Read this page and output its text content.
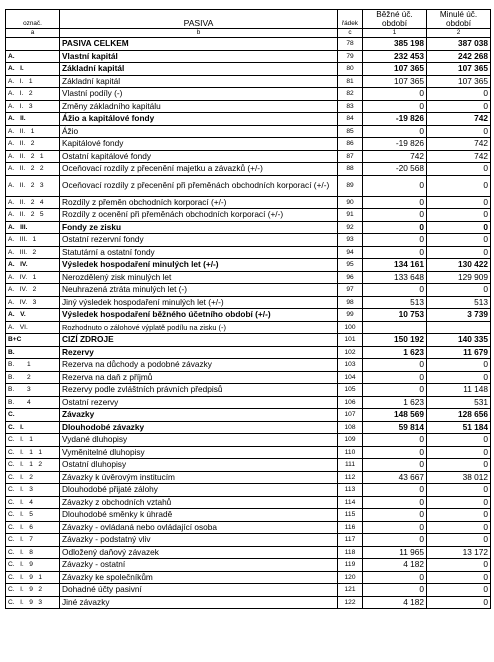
označ.	PASIVA	řádek	Běžné úč. období	Minulé úč. období
a	b	c	1	2
	PASIVA CELKEM	78	385 198	387 038
A.	Vlastní kapitál	79	232 453	242 268
A.   I.	Základní kapitál	80	107 365	107 365
A.   I.   1	Základní kapitál	81	107 365	107 365
A.   I.   2	Vlastní podíly (-)	82	0	0
A.   I.   3	Změny základního kapitálu	83	0	0
A.   II.	Ážio a kapitálové fondy	84	-19 826	742
A.   II.   1	Ážio	85	0	0
A.   II.   2	Kapitálové fondy	86	-19 826	742
A.   II.   2   1	Ostatní kapitálové fondy	87	742	742
A.   II.   2   2	Oceňovací rozdíly z přecenění majetku a závazků (+/-)	88	-20 568	0
A.   II.   2   3	Oceňovací rozdíly z přecenění při přeměnách obchodních korporací (+/-)	89	0	0
A.   II.   2   4	Rozdíly z přeměn obchodních korporací (+/-)	90	0	0
A.   II.   2   5	Rozdíly z ocenění při přeměnách obchodních korporací (+/-)	91	0	0
A.   III.	Fondy ze zisku	92	0	0
A.   III.   1	Ostatní rezervní fondy	93	0	0
A.   III.   2	Statutární a ostatní fondy	94	0	0
A.   IV.	Výsledek hospodaření minulých let (+/-)	95	134 161	130 422
A.   IV.   1	Nerozdělený zisk minulých let	96	133 648	129 909
A.   IV.   2	Neuhrazená ztráta minulých let (-)	97	0	0
A.   IV.   3	Jiný výsledek hospodaření minulých let (+/-)	98	513	513
A.   V.	Výsledek hospodaření běžného účetního období (+/-)	99	10 753	3 739
A.   VI.	Rozhodnuto o zálohové výplatě podílu na zisku (-)	100		
B+C	CIZÍ ZDROJE	101	150 192	140 335
B.	Rezervy	102	1 623	11 679
B.       1	Rezerva na důchody a podobné závazky	103	0	0
B.       2	Rezerva na daň z příjmů	104	0	0
B.       3	Rezervy podle zvláštních právních předpisů	105	0	11 148
B.       4	Ostatní rezervy	106	1 623	531
C.	Závazky	107	148 569	128 656
C.   I.	Dlouhodobé závazky	108	59 814	51 184
C.   I.   1	Vydané dluhopisy	109	0	0
C.   I.   1   1	Vyměnitelné dluhopisy	110	0	0
C.   I.   1   2	Ostatní dluhopisy	111	0	0
C.   I.   2	Závazky k úvěrovým institucím	112	43 667	38 012
C.   I.   3	Dlouhodobé přijaté zálohy	113	0	0
C.   I.   4	Závazky z obchodních vztahů	114	0	0
C.   I.   5	Dlouhodobé směnky k úhradě	115	0	0
C.   I.   6	Závazky - ovládaná nebo ovládající osoba	116	0	0
C.   I.   7	Závazky - podstatný vliv	117	0	0
C.   I.   8	Odložený daňový závazek	118	11 965	13 172
C.   I.   9	Závazky - ostatní	119	4 182	0
C.   I.   9   1	Závazky ke společníkům	120	0	0
C.   I.   9   2	Dohadné účty pasivní	121	0	0
C.   I.   9   3	Jiné závazky	122	4 182	0
